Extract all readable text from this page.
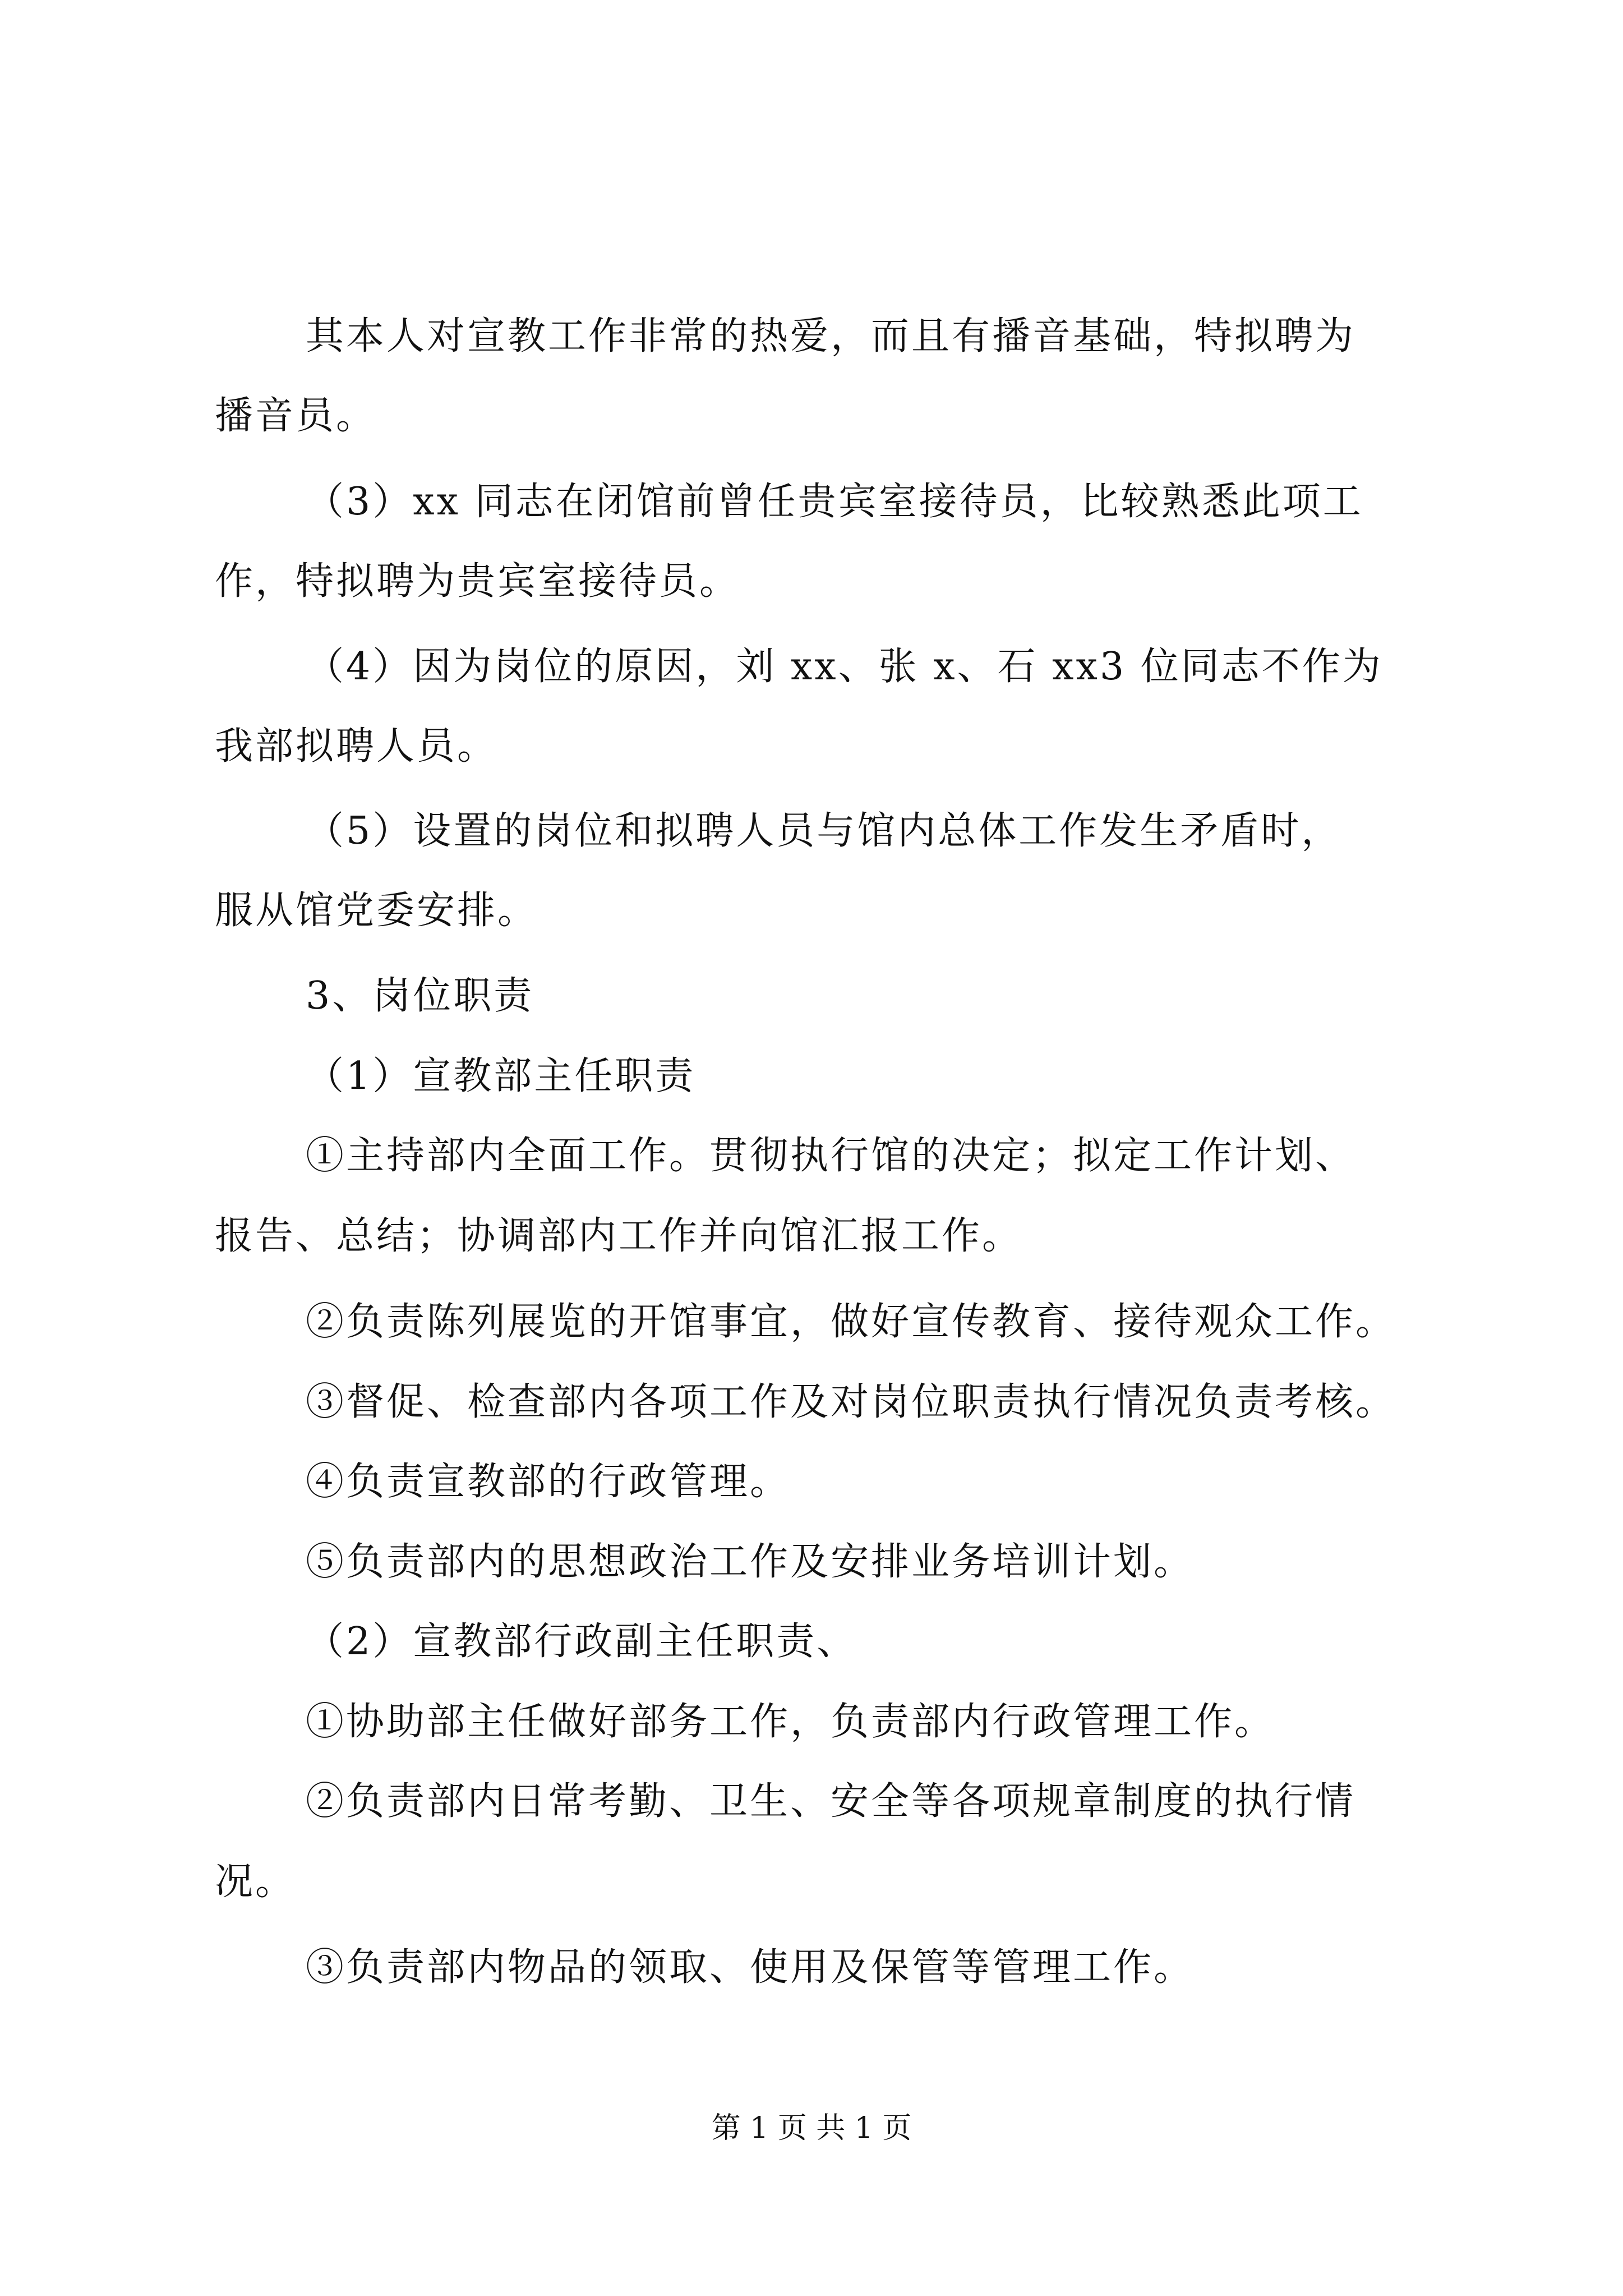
其本人对宣教工作非常的热爱，而且有播音基础，特拟聘为
播音员。
（3）xx 同志在闭馆前曾任贵宾室接待员，比较熟悉此项工
作，特拟聘为贵宾室接待员。
（4）因为岗位的原因，刘 xx、张 x、石 xx3 位同志不作为
我部拟聘人员。
（5）设置的岗位和拟聘人员与馆内总体工作发生矛盾时，
服从馆党委安排。
3、岗位职责
（1）宣教部主任职责
①主持部内全面工作。贯彻执行馆的决定；拟定工作计划、
报告、总结；协调部内工作并向馆汇报工作。
②负责陈列展览的开馆事宜，做好宣传教育、接待观众工作。
③督促、检查部内各项工作及对岗位职责执行情况负责考核。
④负责宣教部的行政管理。
⑤负责部内的思想政治工作及安排业务培训计划。
（2）宣教部行政副主任职责、
①协助部主任做好部务工作，负责部内行政管理工作。
②负责部内日常考勤、卫生、安全等各项规章制度的执行情
况。
③负责部内物品的领取、使用及保管等管理工作。
第 1 页 共 1 页
